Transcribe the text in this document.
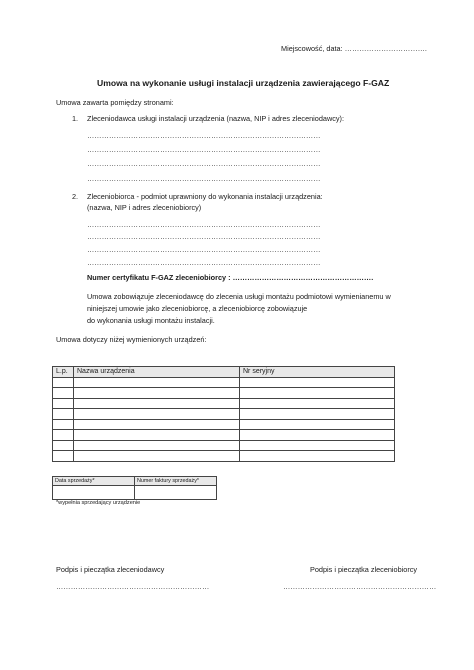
Miejscowość, data: …………………………….
Umowa na wykonanie usługi instalacji urządzenia zawierającego F-GAZ
Umowa zawarta pomiędzy stronami:
1. Zleceniodawca usługi instalacji urządzenia (nazwa, NIP i adres zleceniodawcy):
……………………………………………………………………………………
……………………………………………………………………………………
……………………………………………………………………………………
……………………………………………………………………………………
2. Zleceniobiorca - podmiot uprawniony do wykonania instalacji urządzenia:
(nazwa, NIP i adres zleceniobiorcy)
……………………………………………………………………………………
……………………………………………………………………………………
……………………………………………………………………………………
……………………………………………………………………………………
Numer certyfikatu F-GAZ zleceniobiorcy : ………………………………………………….
Umowa zobowiązuje zleceniodawcę do zlecenia usługi montażu podmiotowi wymienianemu w
niniejszej umowie jako zleceniobiorcę, a zleceniobiorcę zobowiązuje
do wykonania usługi montażu instalacji.
Umowa dotyczy niżej wymienionych urządzeń:
L.p.	Nazwa urządzenia	Nr seryjny

Data sprzedaży*	Numer faktury sprzedaży*

*wypełnia sprzedający urządzenie
Podpis i pieczątka zleceniodawcy
………………………………………………………
Podpis i pieczątka zleceniobiorcy
………………………………………………………
